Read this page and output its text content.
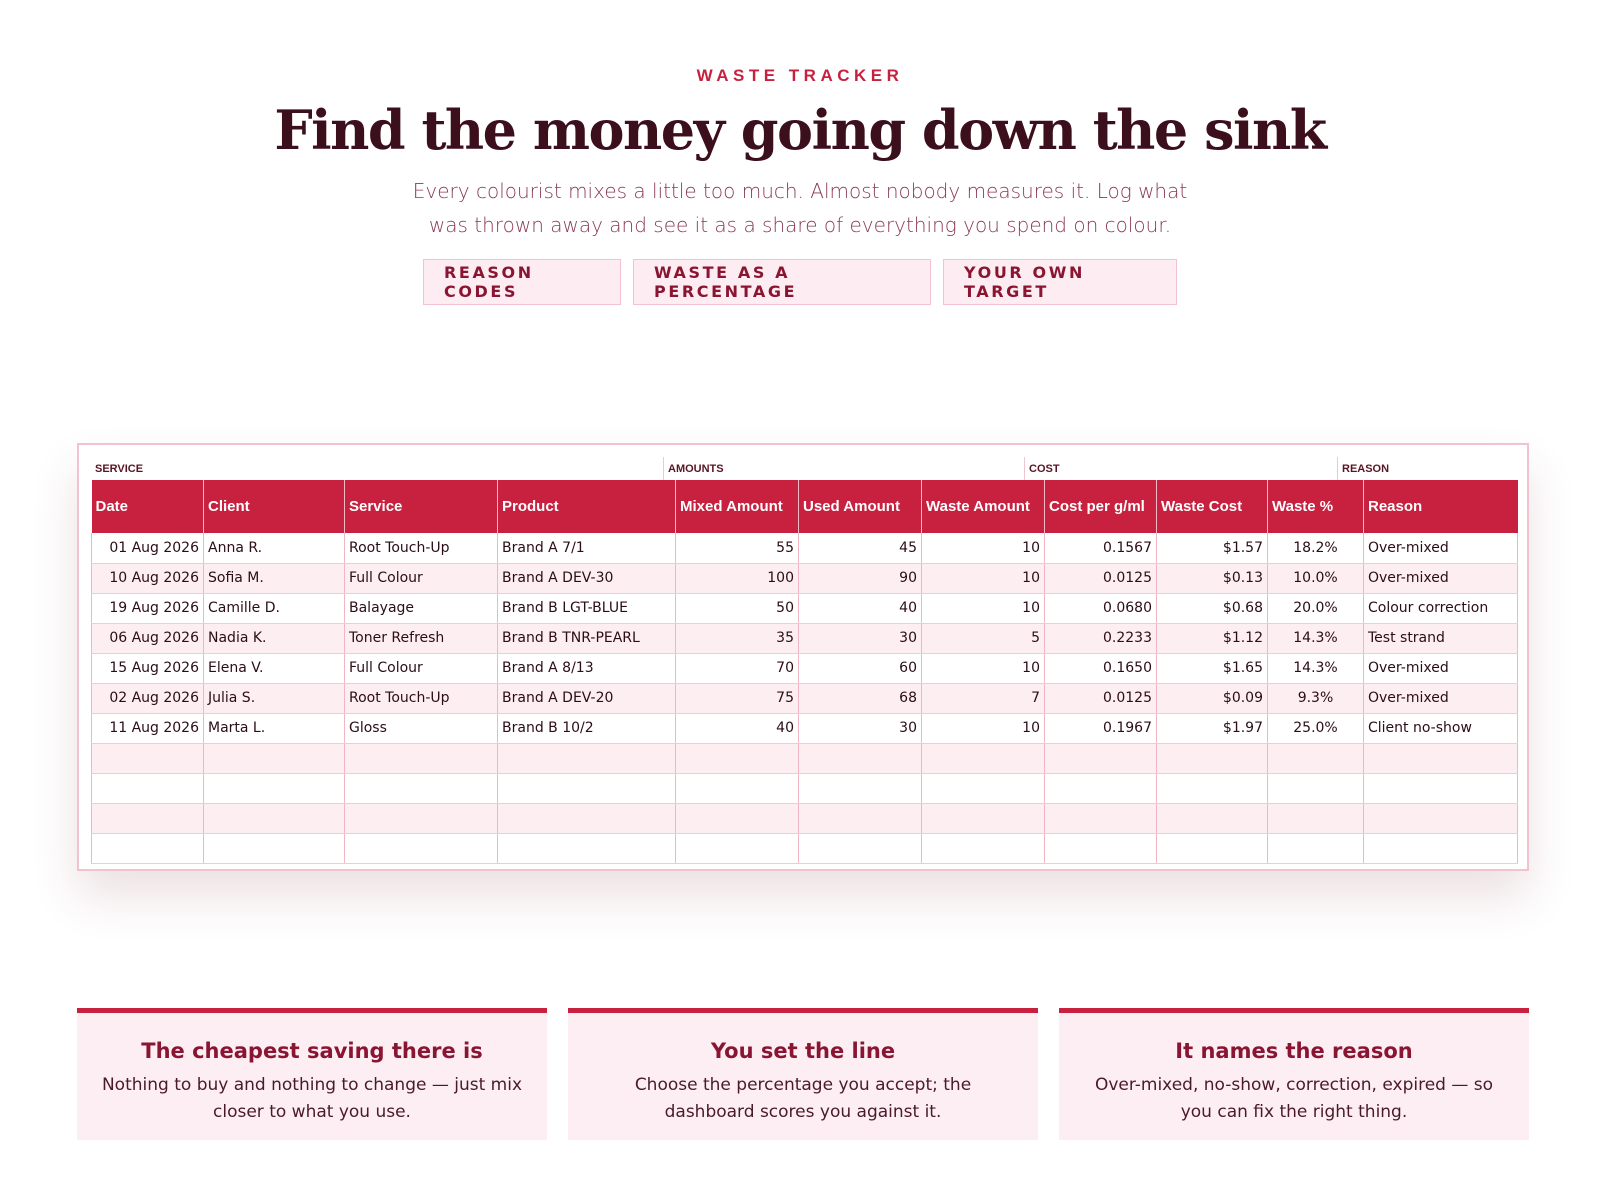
WASTE TRACKER
Find the money going down the sink

Every colourist mixes a little too much. Almost nobody measures it. Log what was thrown away and see it as a share of everything you spend on colour.

REASON CODES
WASTE AS A PERCENTAGE
YOUR OWN TARGET
SERVICE	AMOUNTS	COST	REASON
Date	Client	Service	Product	Mixed Amount	Used Amount	Waste Amount	Cost per g/ml	Waste Cost	Waste %	Reason
01 Aug 2026	Anna R.	Root Touch-Up	Brand A 7/1	55	45	10	0.1567	$1.57	18.2%	Over-mixed
10 Aug 2026	Sofia M.	Full Colour	Brand A DEV-30	100	90	10	0.0125	$0.13	10.0%	Over-mixed
19 Aug 2026	Camille D.	Balayage	Brand B LGT-BLUE	50	40	10	0.0680	$0.68	20.0%	Colour correction
06 Aug 2026	Nadia K.	Toner Refresh	Brand B TNR-PEARL	35	30	5	0.2233	$1.12	14.3%	Test strand
15 Aug 2026	Elena V.	Full Colour	Brand A 8/13	70	60	10	0.1650	$1.65	14.3%	Over-mixed
02 Aug 2026	Julia S.	Root Touch-Up	Brand A DEV-20	75	68	7	0.0125	$0.09	9.3%	Over-mixed
11 Aug 2026	Marta L.	Gloss	Brand B 10/2	40	30	10	0.1967	$1.97	25.0%	Client no-show

The cheapest saving there is
Nothing to buy and nothing to change — just mix closer to what you use.
You set the line
Choose the percentage you accept; the dashboard scores you against it.
It names the reason
Over-mixed, no-show, correction, expired — so you can fix the right thing.
